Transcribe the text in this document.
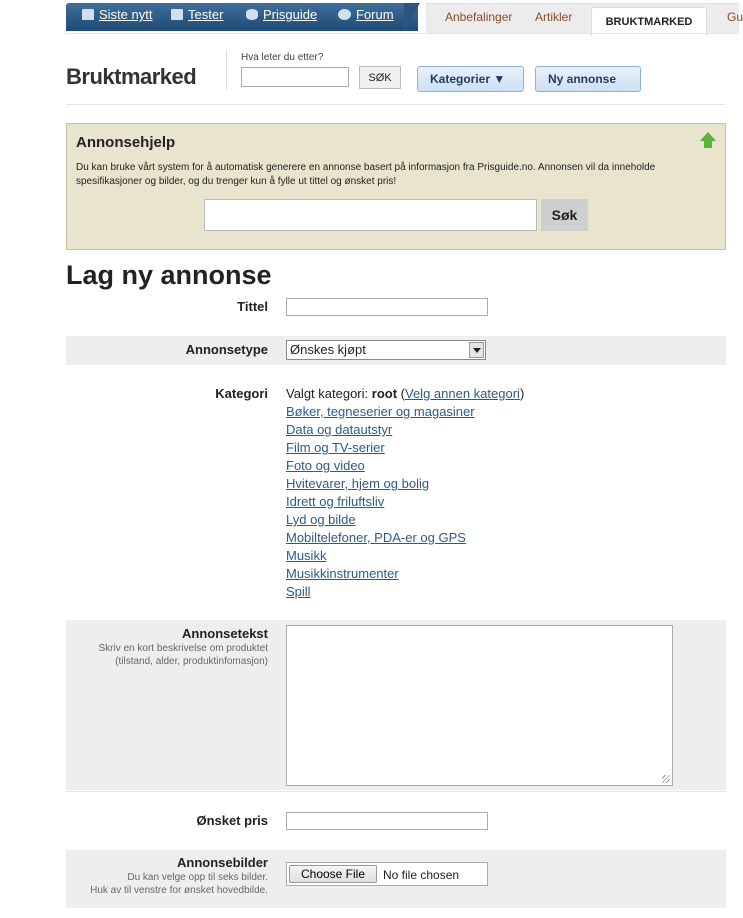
Siste nytt	Tester	Prisguide	Forum	Anbefalinger Artikler	BRUKTMARKED	Gu
Bruktmarked
Hva leter du etter?
SØK	Kategorier ▼	Ny annonse
Annonsehjelp
Du kan bruke vårt system for å automatisk generere en annonse basert på informasjon fra Prisguide.no. Annonsen vil da inneholde spesifikasjoner og bilder, og du trenger kun å fylle ut tittel og ønsket pris!
Søk
Lag ny annonse
Tittel
Annonsetype	Ønskes kjøpt
Kategori Valgt kategori: root (Velg annen kategori)
Bøker, tegneserier og magasiner
Data og datautstyr
Film og TV-serier
Foto og video
Hvitevarer, hjem og bolig
Idrett og friluftsliv
Lyd og bilde
Mobiltelefoner, PDA-er og GPS
Musikk
Musikkinstrumenter
Spill
Annonsetekst
Skriv en kort beskrivelse om produktet
(tilstand, alder, produktinfomasjon)
Ønsket pris
Annonsebilder
Du kan velge opp til seks bilder.
Huk av til venstre for ønsket hovedbilde.
Choose File	No file chosen
